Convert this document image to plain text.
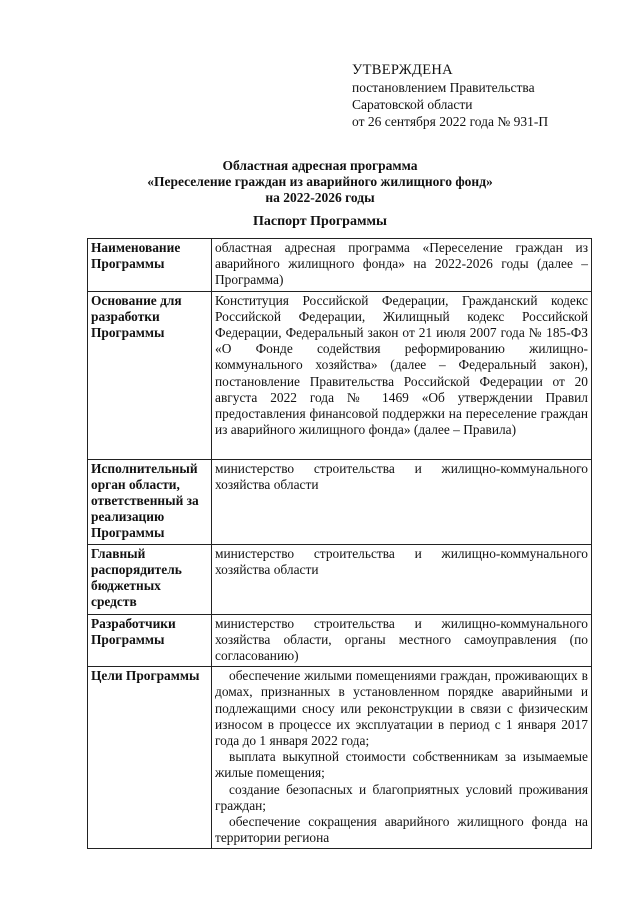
УТВЕРЖДЕНА
постановлением Правительства
Саратовской области
от 26 сентября 2022 года № 931-П
Областная адресная программа
«Переселение граждан из аварийного жилищного фонд»
на 2022-2026 годы
Паспорт Программы
Наименование Программы	областная адресная программа «Переселение граждан из аварийного жилищного фонда» на 2022-2026 годы (далее – Программа)
Основание для разработки Программы	Конституция Российской Федерации, Гражданский кодекс Российской Федерации, Жилищный кодекс Российской Федерации, Федеральный закон от 21 июля 2007 года № 185-ФЗ «О Фонде содействия реформированию жилищно-коммунального хозяйства» (далее – Федеральный закон), постановление Правительства Российской Федерации от 20 августа 2022 года № 1469 «Об утверждении Правил предоставления финансовой поддержки на переселение граждан из аварийного жилищного фонда» (далее – Правила)
Исполнительный орган области, ответственный за реализацию Программы	министерство строительства и жилищно-коммунального хозяйства области
Главный распорядитель бюджетных средств	министерство строительства и жилищно-коммунального хозяйства области
Разработчики Программы	министерство строительства и жилищно-коммунального хозяйства области, органы местного самоуправления (по согласованию)
Цели Программы	обеспечение жилыми помещениями граждан, проживающих в домах, признанных в установленном порядке аварийными и подлежащими сносу или реконструкции в связи с физическим износом в процессе их эксплуатации в период с 1 января 2017 года до 1 января 2022 года;

выплата выкупной стоимости собственникам за изымаемые жилые помещения;

создание безопасных и благоприятных условий проживания граждан;

обеспечение сокращения аварийного жилищного фонда на территории региона
